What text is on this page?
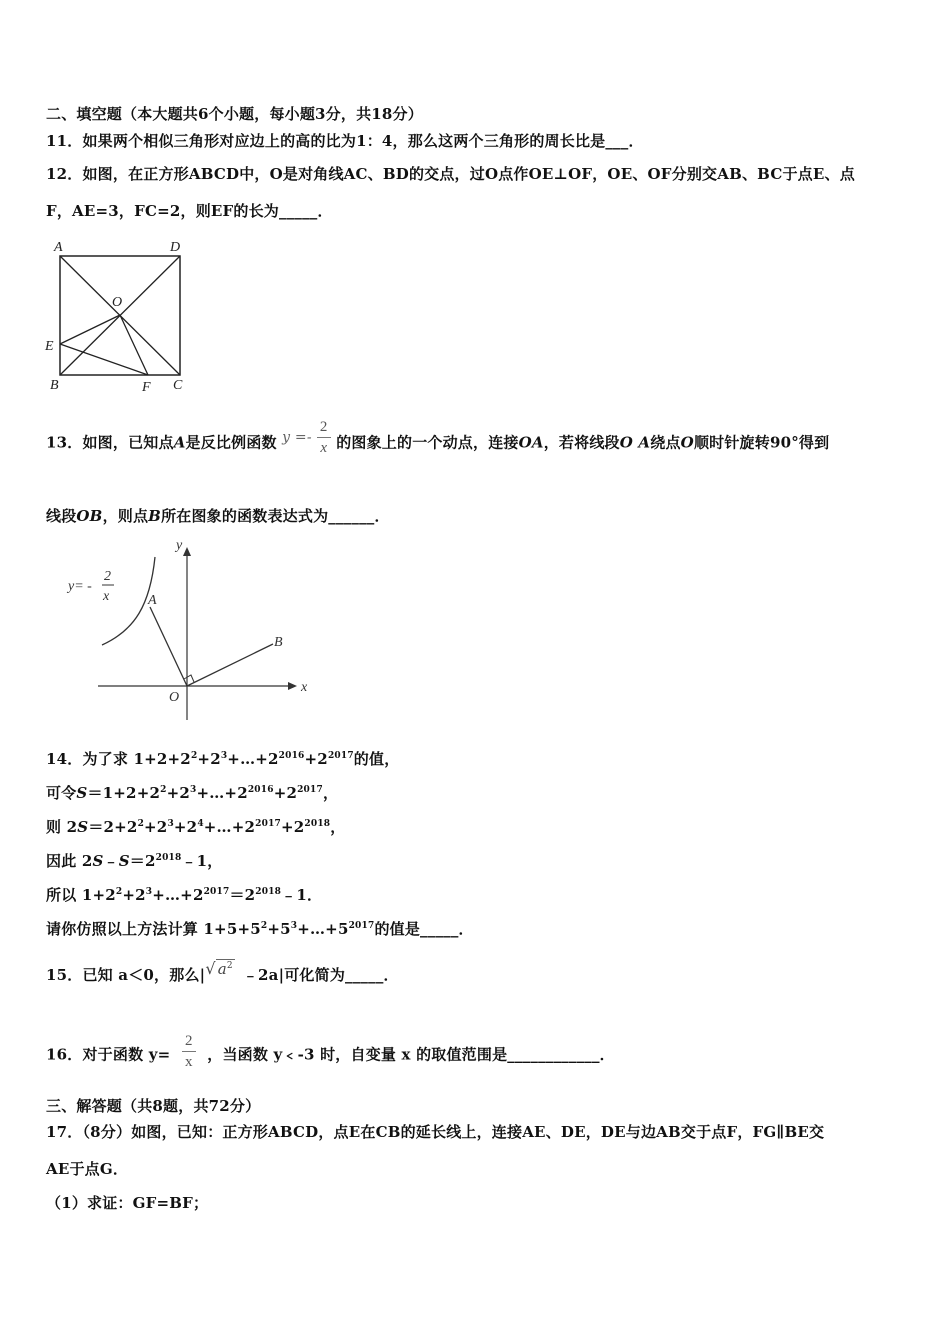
二、填空题（本大题共6个小题，每小题3分，共18分）
11．如果两个相似三角形对应边上的高的比为1：4，那么这两个三角形的周长比是___．
12．如图，在正方形ABCD中，O是对角线AC、BD的交点，过O点作OE⊥OF，OE、OF分别交AB、BC于点E、点
F，AE=3，FC=2，则EF的长为_____．
A	D
O
E
B	F C
13．如图，已知点A是反比例函数 $y =- \frac{2}{x}$ 的图象上的一个动点，连接OA，若将线段O A绕点O顺时针旋转90°得到
线段OB，则点B所在图象的函数表达式为______．
y= -
2
x	A
B
O
x
y
14．为了求 $1+2+2^2+2^3+\dots+2^{2016}+2^{2017}$的值，
可令$S=1+2+2^2+2^3+\dots+2^{2016}+2^{2017}$，
则 $2S=2+2^2+2^3+2^4+\dots+2^{2017}+2^{2018}$，
因此 $2S﹣S=2^{2018}﹣1$，
所以 $1+2^2+2^3+\dots+2^{2017}=2^{2018}﹣1$．
请你仿照以上方法计算 $1+5+5^2+5^3+\dots+5^{2017}$的值是_____．
15．已知 a＜0，那么|√ $a^2$ ﹣2a|可化简为_____．
16．对于函数 $y= \frac{2}{x}$ ，当函数 y﹤-3 时，自变量 x 的取值范围是____________．
三、解答题（共8题，共72分）
17．（8分）如图，已知：正方形ABCD，点E在CB的延长线上，连接AE、DE，DE与边AB交于点F，FG∥BE交
AE于点G．
（1）求证：GF=BF；
